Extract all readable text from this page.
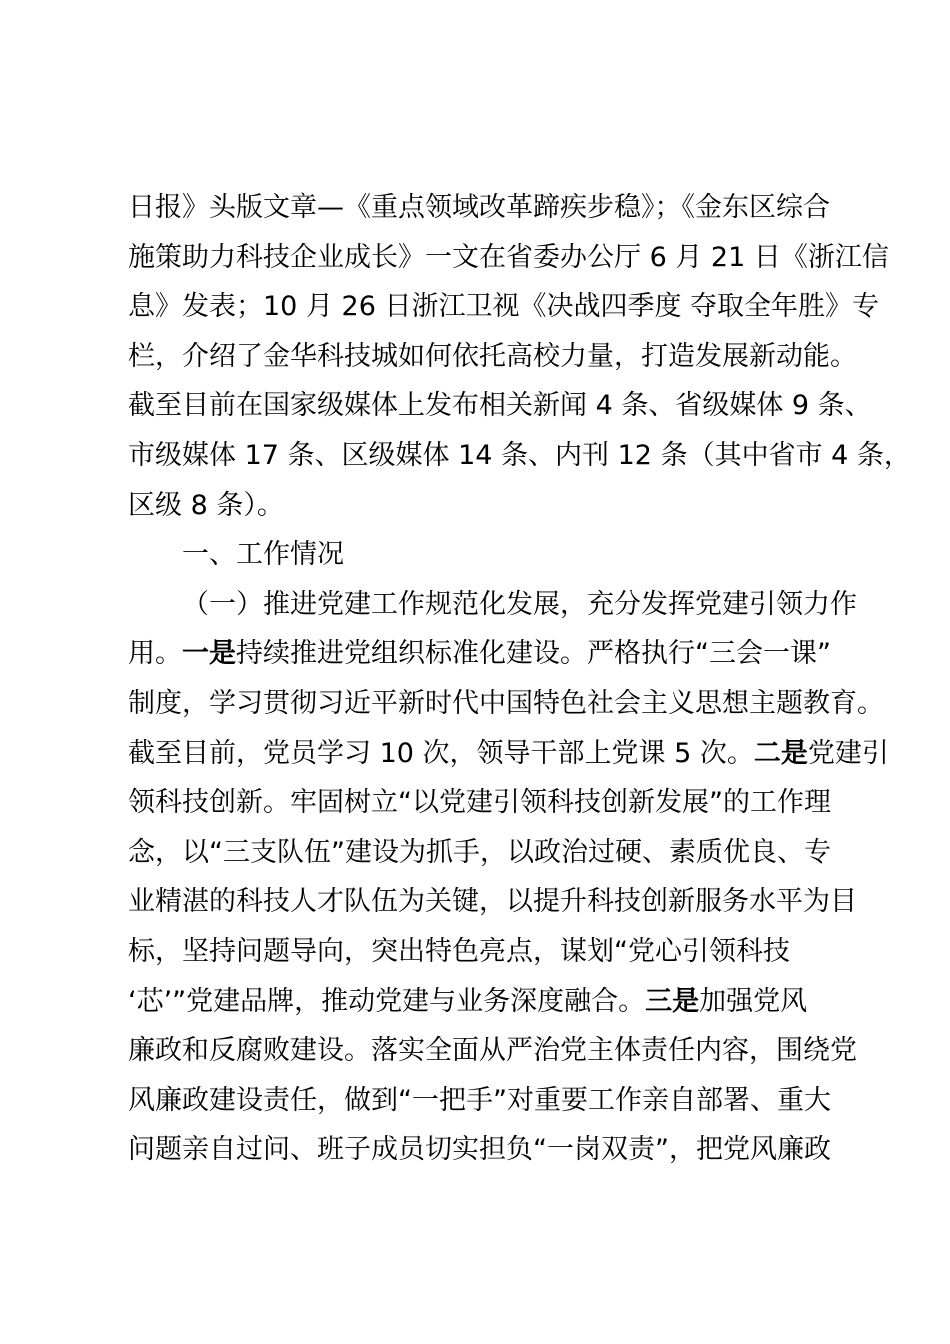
日报》头版文章—《重点领域改革蹄疾步稳》；《金东区综合
施策助力科技企业成长》一文在省委办公厅 6 月 21 日《浙江信
息》发表；10 月 26 日浙江卫视《决战四季度 夺取全年胜》专
栏，介绍了金华科技城如何依托高校力量，打造发展新动能。
截至目前在国家级媒体上发布相关新闻 4 条、省级媒体 9 条、
市级媒体 17 条、区级媒体 14 条、内刊 12 条（其中省市 4 条，
区级 8 条）。
一、工作情况
（一）推进党建工作规范化发展，充分发挥党建引领力作
用。一是持续推进党组织标准化建设。严格执行“三会一课”
制度，学习贯彻习近平新时代中国特色社会主义思想主题教育。
截至目前，党员学习 10 次，领导干部上党课 5 次。二是党建引
领科技创新。牢固树立“以党建引领科技创新发展”的工作理
念，以“三支队伍”建设为抓手，以政治过硬、素质优良、专
业精湛的科技人才队伍为关键，以提升科技创新服务水平为目
标，坚持问题导向，突出特色亮点，谋划“党心引领科技
‘芯’”党建品牌，推动党建与业务深度融合。三是加强党风
廉政和反腐败建设。落实全面从严治党主体责任内容，围绕党
风廉政建设责任，做到“一把手”对重要工作亲自部署、重大
问题亲自过问、班子成员切实担负“一岗双责”，把党风廉政
